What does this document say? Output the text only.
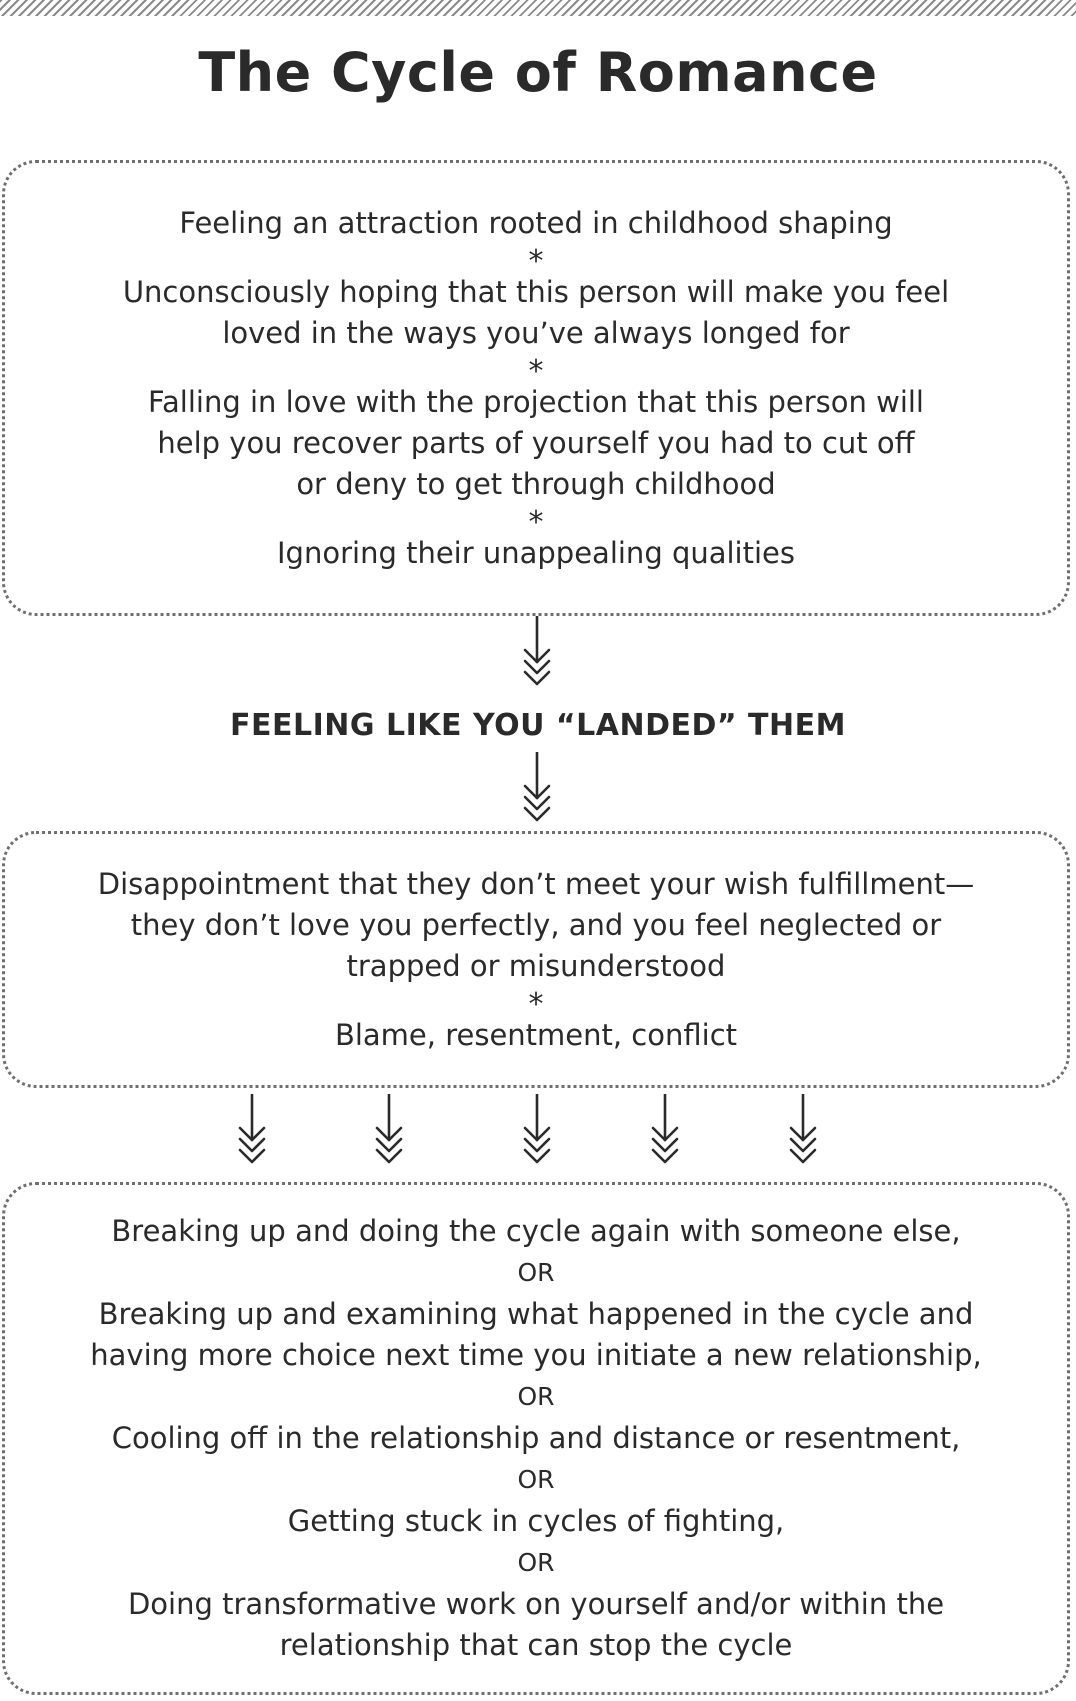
The Cycle of Romance
Feeling an attraction rooted in childhood shaping
*
Unconsciously hoping that this person will make you feel
loved in the ways you’ve always longed for
*
Falling in love with the projection that this person will
help you recover parts of yourself you had to cut off
or deny to get through childhood
*
Ignoring their unappealing qualities
FEELING LIKE YOU “LANDED” THEM
Disappointment that they don’t meet your wish fulfillment—
they don’t love you perfectly, and you feel neglected or
trapped or misunderstood
*
Blame, resentment, conflict
Breaking up and doing the cycle again with someone else,
OR
Breaking up and examining what happened in the cycle and
having more choice next time you initiate a new relationship,
OR
Cooling off in the relationship and distance or resentment,
OR
Getting stuck in cycles of fighting,
OR
Doing transformative work on yourself and/or within the
relationship that can stop the cycle
